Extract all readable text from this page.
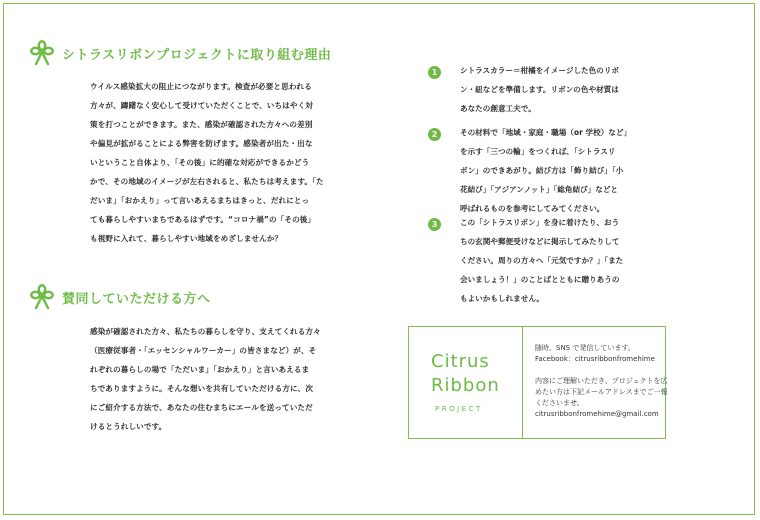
シトラスリボンプロジェクトに取り組む理由
ウイルス感染拡大の阻止につながります。検査が必要と思われる
方々が、躊躇なく安心して受けていただくことで、いちはやく対
策を打つことができます。また、感染が確認された方々への差別
や偏見が拡がることによる弊害を防げます。感染者が出た・出な
いということ自体より、「その後」に的確な対応ができるかどう
かで、その地域のイメージが左右されると、私たちは考えます。「た
だいま」「おかえり」って言いあえるまちはきっと、だれにとっ
ても暮らしやすいまちであるはずです。“コロナ禍”の「その後」
も視野に入れて、暮らしやすい地域をめざしませんか？
賛同していただける方へ
感染が確認された方々、私たちの暮らしを守り、支えてくれる方々
（医療従事者・「エッセンシャルワーカー」の皆さまなど）が、そ
れぞれの暮らしの場で「ただいま」「おかえり」と言いあえるま
ちでありますように。そんな想いを共有していただける方に、次
にご紹介する方法で、あなたの住むまちにエールを送っていただ
けるとうれしいです。
1	シトラスカラー＝柑橘をイメージした色のリボ
ン・紐などを準備します。リボンの色や材質は
あなたの創意工夫で。
2	その材料で「地域・家庭・職場（or 学校）など」
を示す「三つの輪」をつくれば、「シトラスリ
ボン」のできあがり。結び方は「飾り結び」「小
花結び」「アジアンノット」「総角結び」などと
呼ばれるものを参考にしてみてください。
3	この「シトラスリボン」を身に着けたり、おう
ちの玄関や郵便受けなどに掲示してみたりして
ください。周りの方々へ「元気ですか？」「また
会いましょう！」のことばとともに贈りあうの
もよいかもしれません。
Citrus
Ribbon
PROJECT
随時、SNS で発信しています。
Facebook：citrusribbonfromehime

内容にご理解いただき、プロジェクトを広
めたい方は下記メールアドレスまでご一報
くださいませ。
citrusribbonfromehime@gmail.com
